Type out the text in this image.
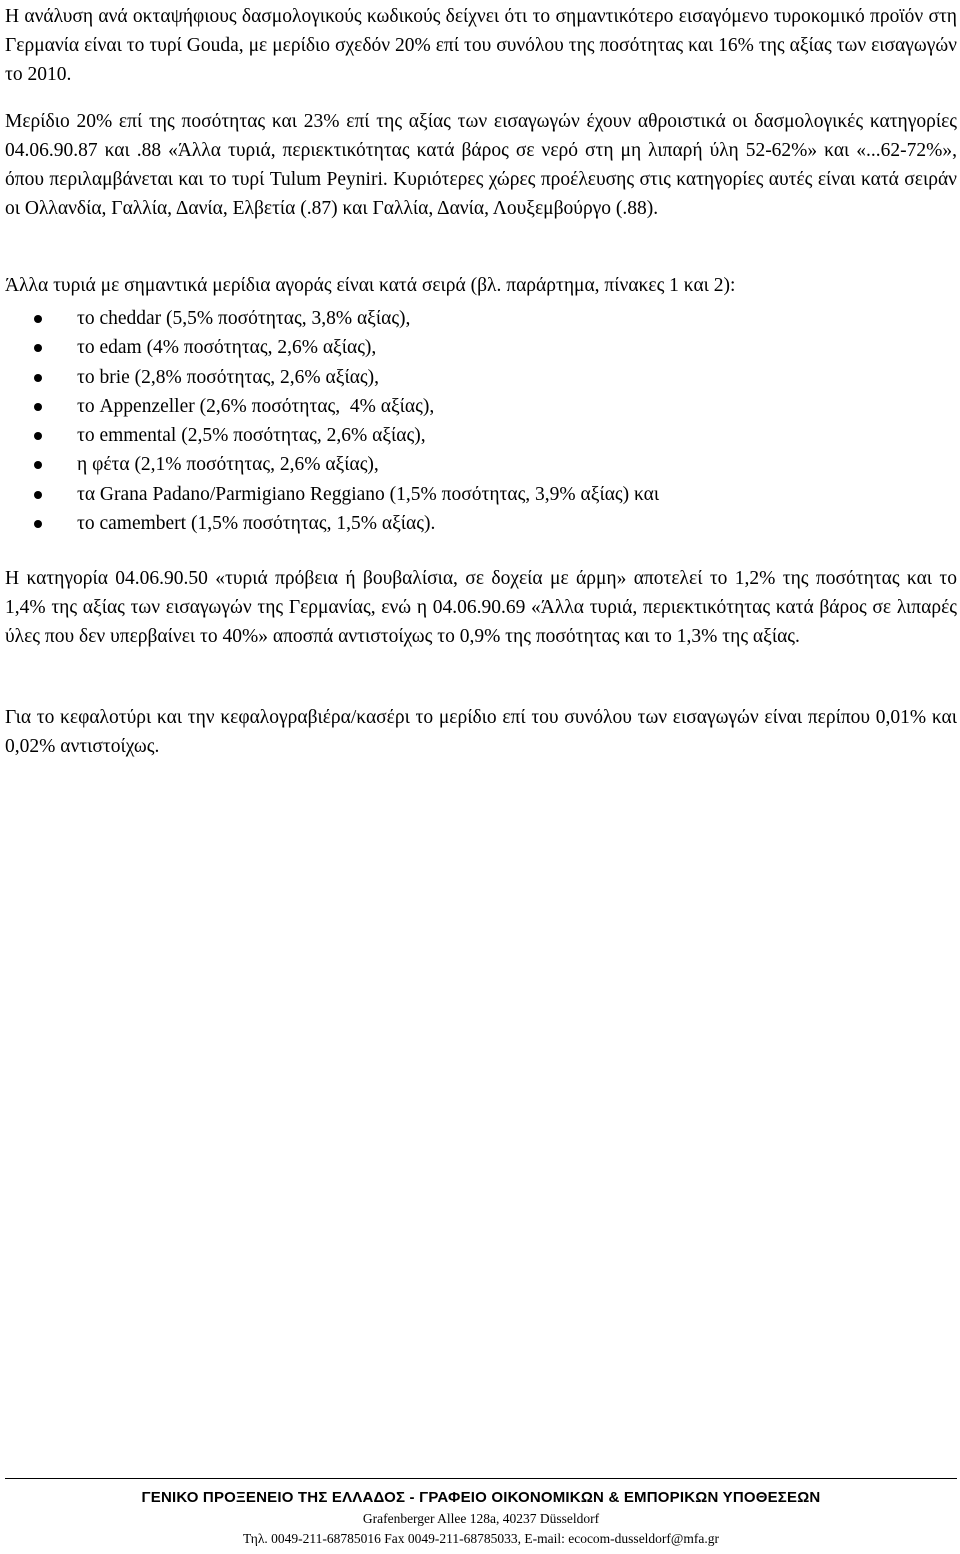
Η ανάλυση ανά οκταψήφιους δασμολογικούς κωδικούς δείχνει ότι το σημαντικότερο εισαγόμενο τυροκομικό προϊόν στη Γερμανία είναι το τυρί Gouda, με μερίδιο σχεδόν 20% επί του συνόλου της ποσότητας και 16% της αξίας των εισαγωγών το 2010.

Μερίδιο 20% επί της ποσότητας και 23% επί της αξίας των εισαγωγών έχουν αθροιστικά οι δασμολογικές κατηγορίες 04.06.90.87 και .88 «Άλλα τυριά, περιεκτικότητας κατά βάρος σε νερό στη μη λιπαρή ύλη 52-62%» και «...62-72%», όπου περιλαμβάνεται και το τυρί Tulum Peyniri. Κυριότερες χώρες προέλευσης στις κατηγορίες αυτές είναι κατά σειράν οι Ολλανδία, Γαλλία, Δανία, Ελβετία (.87) και Γαλλία, Δανία, Λουξεμβούργο (.88).

Άλλα τυριά με σημαντικά μερίδια αγοράς είναι κατά σειρά (βλ. παράρτημα, πίνακες 1 και 2):

το cheddar (5,5% ποσότητας, 3,8% αξίας),
το edam (4% ποσότητας, 2,6% αξίας),
το brie (2,8% ποσότητας, 2,6% αξίας),
το Appenzeller (2,6% ποσότητας,  4% αξίας),
το emmental (2,5% ποσότητας, 2,6% αξίας),
η φέτα (2,1% ποσότητας, 2,6% αξίας),
τα Grana Padano/Parmigiano Reggiano (1,5% ποσότητας, 3,9% αξίας) και
το camembert (1,5% ποσότητας, 1,5% αξίας).

Η κατηγορία 04.06.90.50 «τυριά πρόβεια ή βουβαλίσια, σε δοχεία με άρμη» αποτελεί το 1,2% της ποσότητας και το 1,4% της αξίας των εισαγωγών της Γερμανίας, ενώ η 04.06.90.69 «Άλλα τυριά, περιεκτικότητας κατά βάρος σε λιπαρές ύλες που δεν υπερβαίνει το 40%» αποσπά αντιστοίχως το 0,9% της ποσότητας και το 1,3% της αξίας.

Για το κεφαλοτύρι και την κεφαλογραβιέρα/κασέρι το μερίδιο επί του συνόλου των εισαγωγών είναι περίπου 0,01% και 0,02% αντιστοίχως.

ΓΕΝΙΚΟ ΠΡΟΞΕΝΕΙΟ ΤΗΣ ΕΛΛΑΔΟΣ - ΓΡΑΦΕΙΟ ΟΙΚΟΝΟΜΙΚΩΝ & ΕΜΠΟΡΙΚΩΝ ΥΠΟΘΕΣΕΩΝ
Grafenberger Allee 128a, 40237 Düsseldorf
Τηλ. 0049-211-68785016 Fax 0049-211-68785033, E-mail: ecocom-dusseldorf@mfa.gr
